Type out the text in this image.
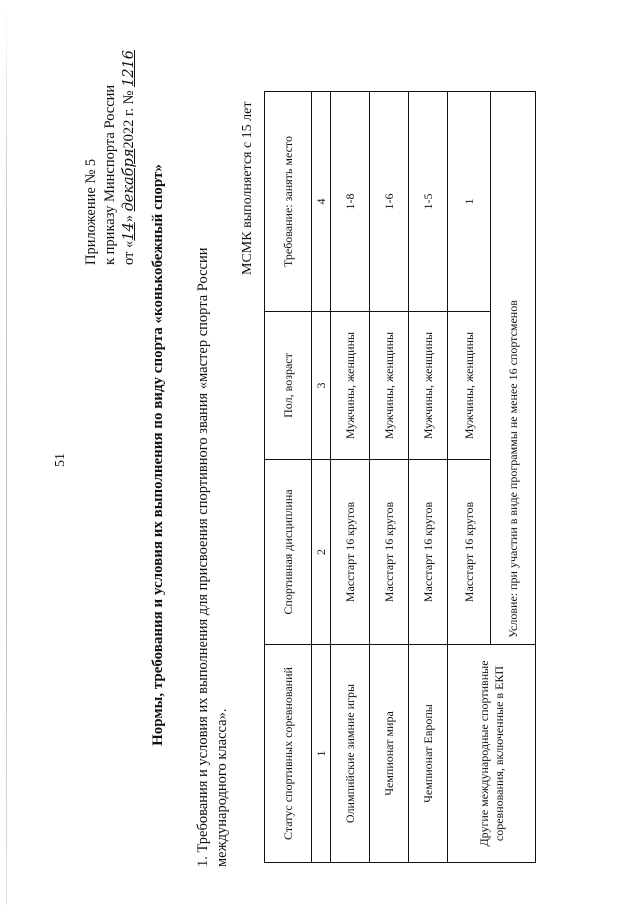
51
Приложение № 5 к приказу Минспорта России от «14» декабря2022 г. № 1216
Нормы, требования и условия их выполнения по виду спорта «конькобежный спорт» 1. Требования и условия их выполнения для присвоения спортивного звания «мастер спорта России международного класса».
МСМК выполняется с 15 лет
Статус спортивных соревнований	Спортивная дисциплина	Пол, возраст	Требование: занять место
1	2	3	4
Олимпийские зимние игры	Масстарт 16 кругов	Мужчины, женщины	1-8
Чемпионат мира	Масстарт 16 кругов	Мужчины, женщины	1-6
Чемпионат Европы	Масстарт 16 кругов	Мужчины, женщины	1-5
Другие международные спортивные соревнования, включенные в ЕКП	Масстарт 16 кругов	Мужчины, женщины	1
	Условие: при участии в виде программы не менее 16 спортсменов		
